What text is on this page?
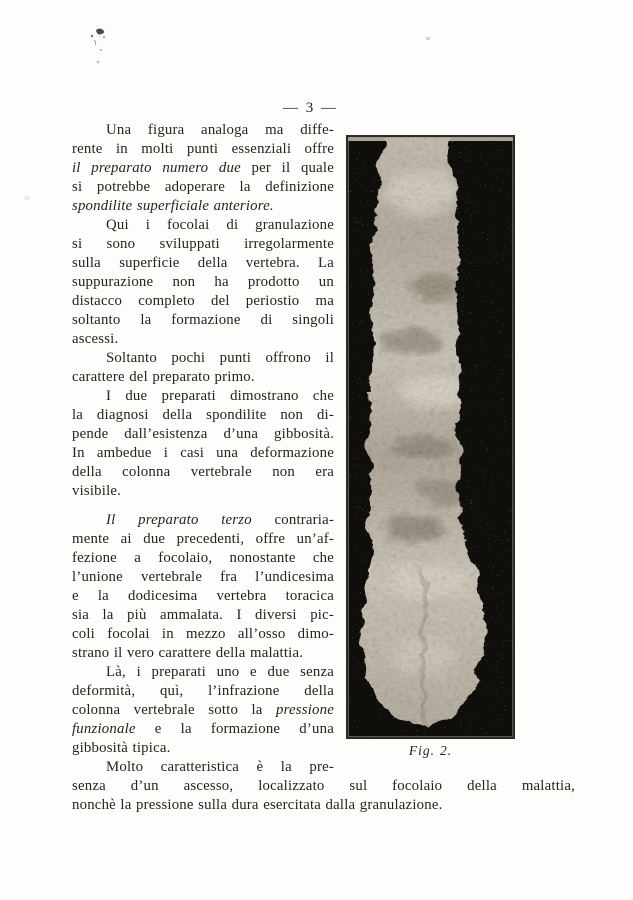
— 3 —
Fig. 2.
Una figura analoga ma diffe-
rente in molti punti essenziali offre
il preparato numero due per il quale
si potrebbe adoperare la definizione
spondilite superficiale anteriore.
Qui i focolai di granulazione
si sono sviluppati irregolarmente
sulla superficie della vertebra. La
suppurazione non ha prodotto un
distacco completo del periostio ma
soltanto la formazione di singoli
ascessi.
Soltanto pochi punti offrono il
carattere del preparato primo.
I due preparati dimostrano che
la diagnosi della spondilite non di-
pende dall’esistenza d’una gibbosità.
In ambedue i casi una deformazione
della colonna vertebrale non era
visibile.
Il preparato terzo contraria-
mente ai due precedenti, offre un’af-
fezione a focolaio, nonostante che
l’unione vertebrale fra l’undicesima
e la dodicesima vertebra toracica
sia la più ammalata. I diversi pic-
coli focolai in mezzo all’osso dimo-
strano il vero carattere della malattia.
Là, i preparati uno e due senza
deformità, quì, l’infrazione della
colonna vertebrale sotto la pressione
funzionale e la formazione d’una
gibbosità tipica.
Molto caratteristica è la pre-
senza d’un ascesso, localizzato sul focolaio della malattia,
nonchè la pressione sulla dura esercitata dalla granulazione.
